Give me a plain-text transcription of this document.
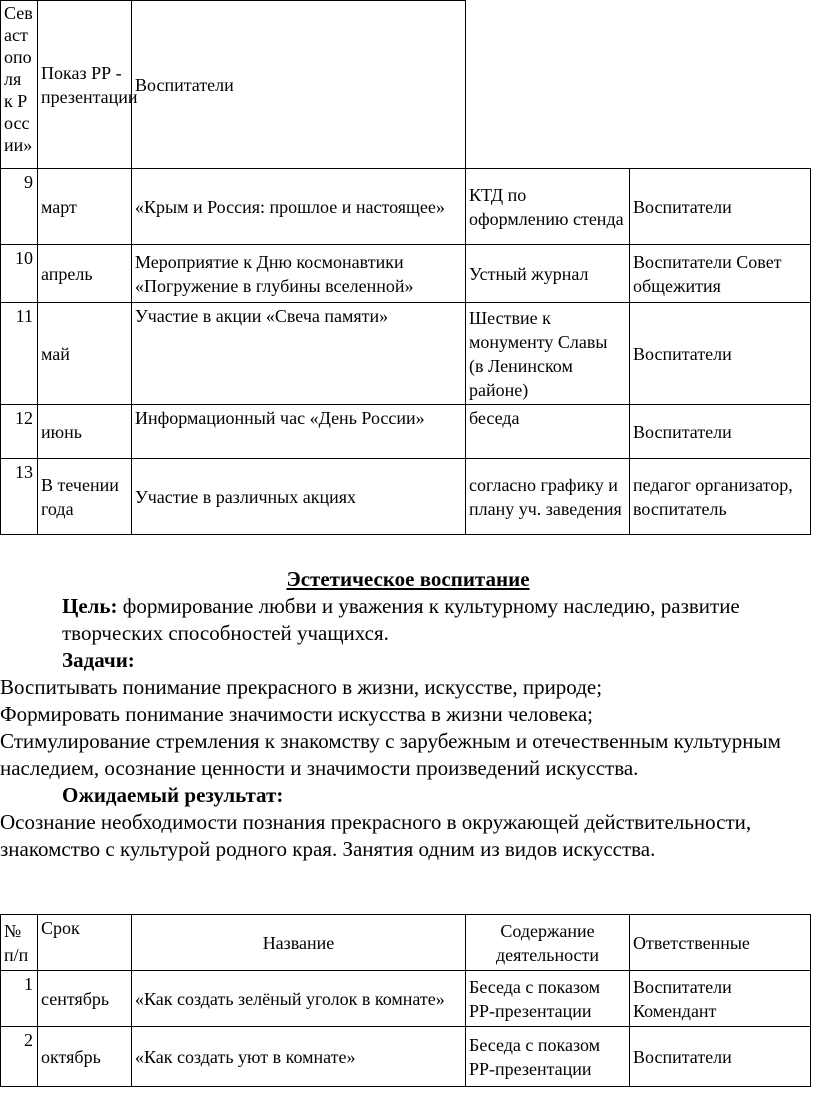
Севастополя к России»	Показ РР - презентации	Воспитатели		
9	март	«Крым и Россия: прошлое и настоящее»	КТД по оформлению стенда	Воспитатели
10	апрель	Мероприятие к Дню космонавтики «Погружение в глубины вселенной»	Устный журнал	Воспитатели Совет общежития
11	май	Участие в акции «Свеча памяти»	Шествие к монументу Славы (в Ленинском районе)	Воспитатели
12	июнь	Информационный час «День России»	беседа	Воспитатели
13	В течении года	Участие в различных акциях	согласно графику и плану уч. заведения	педагог организатор, воспитатель

Эстетическое воспитание

Цель: формирование любви и уважения к культурному наследию, развитие творческих способностей учащихся.

Задачи:

Воспитывать понимание прекрасного в жизни, искусстве, природе;

Формировать понимание значимости искусства в жизни человека;

Стимулирование стремления к знакомству с зарубежным и отечественным культурным наследием, осознание ценности и значимости произведений искусства.

Ожидаемый результат:

Осознание необходимости познания прекрасного в окружающей действительности, знакомство с культурой родного края. Занятия одним из видов искусства.

№ п/п	Срок	Название	Содержание деятельности	Ответственные
1	сентябрь	«Как создать зелёный уголок в комнате»	Беседа с показом РР-презентации	Воспитатели Комендант
2	октябрь	«Как создать уют в комнате»	Беседа с показом РР-презентации	Воспитатели
